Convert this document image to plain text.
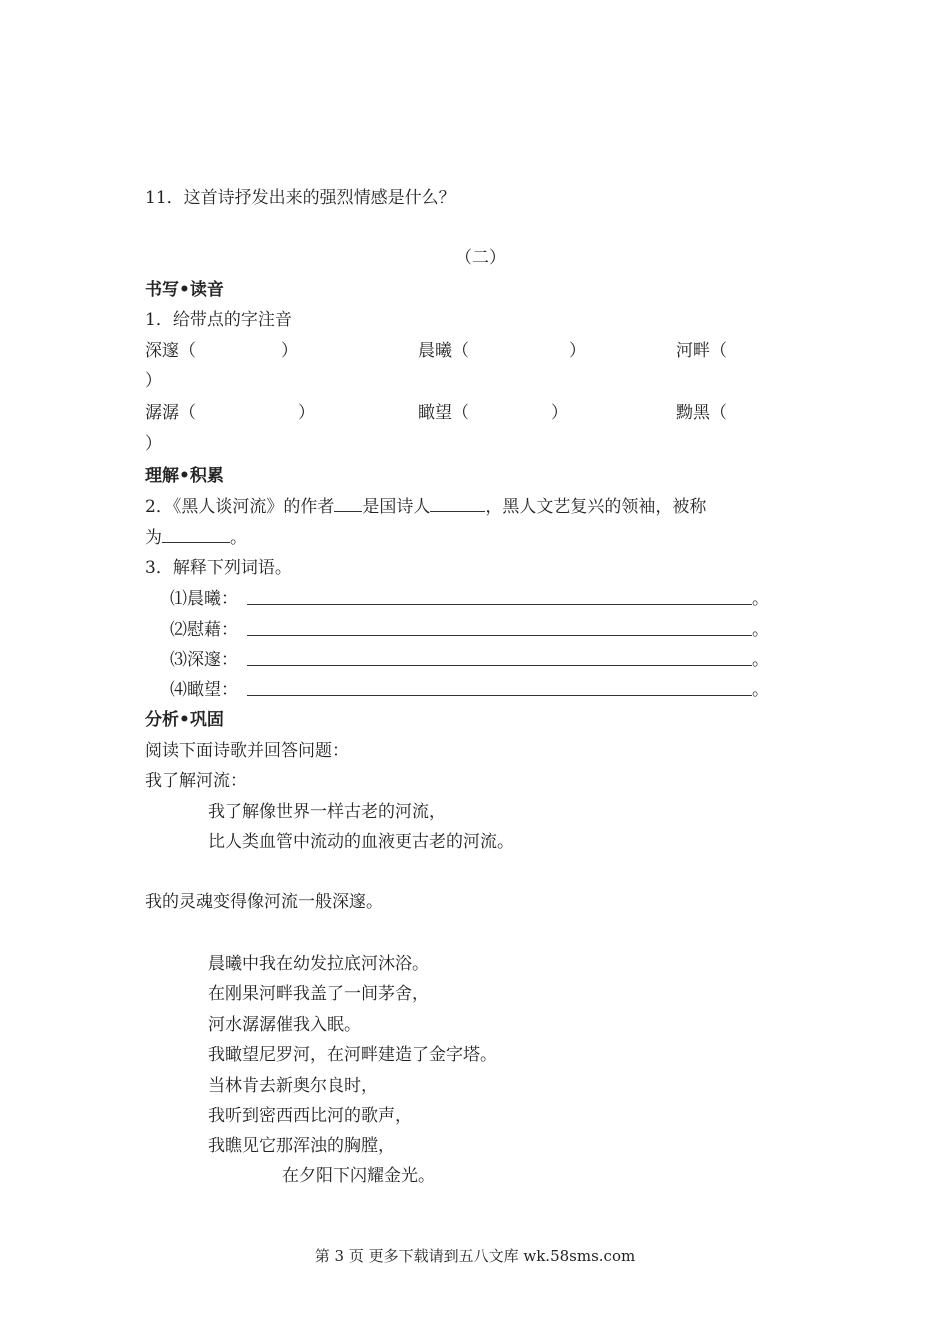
11．这首诗抒发出来的强烈情感是什么？
（二）
书写•读音
1．给带点的字注音
深邃（	）	晨曦（	）	河畔（
）
潺潺（	）	瞰望（	）	黝黑（
）
理解•积累
2．《黑人谈河流》的作者 是国诗人	，黑人文艺复兴的领袖，被称
为	。
3．解释下列词语。
⑴晨曦：	。
⑵慰藉：	。
⑶深邃：	。
⑷瞰望：	。
分析•巩固
阅读下面诗歌并回答问题：
我了解河流：
我了解像世界一样古老的河流，
比人类血管中流动的血液更古老的河流。
我的灵魂变得像河流一般深邃。
晨曦中我在幼发拉底河沐浴。
在刚果河畔我盖了一间茅舍，
河水潺潺催我入眠。
我瞰望尼罗河，在河畔建造了金字塔。
当林肯去新奥尔良时，
我听到密西西比河的歌声，
我瞧见它那浑浊的胸膛，
在夕阳下闪耀金光。
第 3 页 更多下载请到五八文库 wk.58sms.com
